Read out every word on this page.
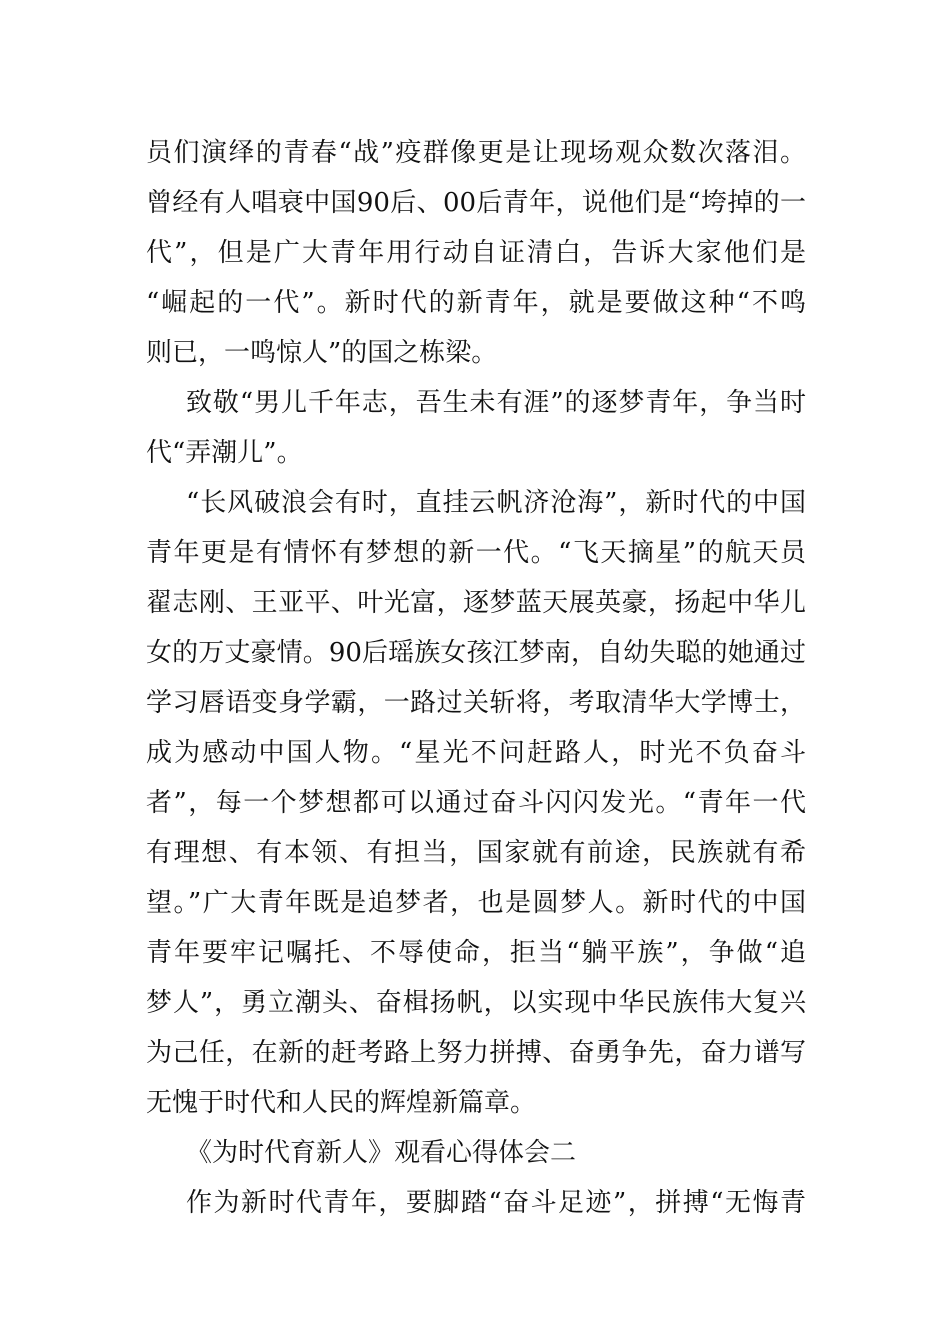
员们演绎的青春“战”疫群像更是让现场观众数次落泪。
曾经有人唱衰中国90后、00后青年，说他们是“垮掉的一
代”，但是广大青年用行动自证清白，告诉大家他们是
“崛起的一代”。新时代的新青年，就是要做这种“不鸣
则已，一鸣惊人”的国之栋梁。
致敬“男儿千年志，吾生未有涯”的逐梦青年，争当时
代“弄潮儿”。
“长风破浪会有时，直挂云帆济沧海”，新时代的中国
青年更是有情怀有梦想的新一代。“飞天摘星”的航天员
翟志刚、王亚平、叶光富，逐梦蓝天展英豪，扬起中华儿
女的万丈豪情。90后瑶族女孩江梦南，自幼失聪的她通过
学习唇语变身学霸，一路过关斩将，考取清华大学博士，
成为感动中国人物。“星光不问赶路人，时光不负奋斗
者”，每一个梦想都可以通过奋斗闪闪发光。“青年一代
有理想、有本领、有担当，国家就有前途，民族就有希
望。”广大青年既是追梦者，也是圆梦人。新时代的中国
青年要牢记嘱托、不辱使命，拒当“躺平族”，争做“追
梦人”，勇立潮头、奋楫扬帆，以实现中华民族伟大复兴
为己任，在新的赶考路上努力拼搏、奋勇争先，奋力谱写
无愧于时代和人民的辉煌新篇章。
《为时代育新人》观看心得体会二
作为新时代青年，要脚踏“奋斗足迹”，拼搏“无悔青
